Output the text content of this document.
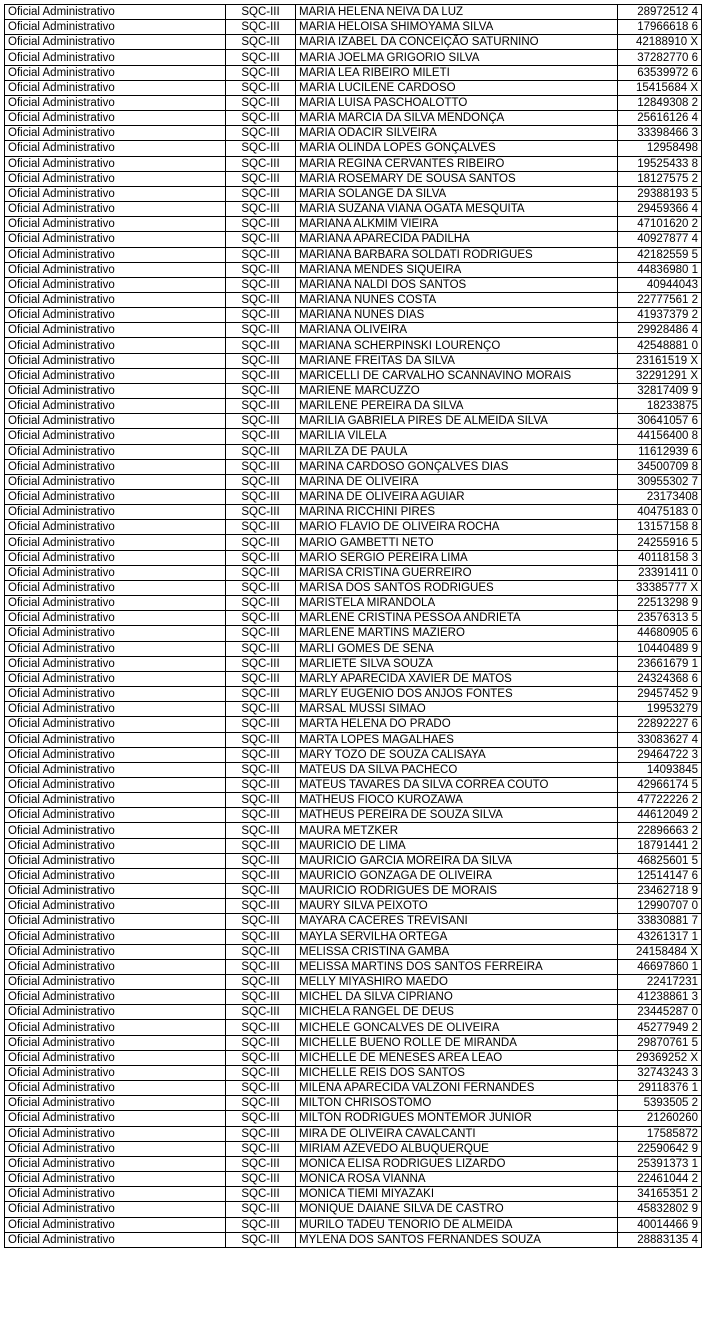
Oficial Administrativo	SQC-III	MARIA HELENA NEIVA DA LUZ	28972512 4
Oficial Administrativo	SQC-III	MARIA HELOISA SHIMOYAMA SILVA	17966618 6
Oficial Administrativo	SQC-III	MARIA IZABEL DA CONCEIÇÃO SATURNINO	42188910 X
Oficial Administrativo	SQC-III	MARIA JOELMA GRIGORIO SILVA	37282770 6
Oficial Administrativo	SQC-III	MARIA LEA RIBEIRO MILETI	63539972 6
Oficial Administrativo	SQC-III	MARIA LUCILENE CARDOSO	15415684 X
Oficial Administrativo	SQC-III	MARIA LUISA PASCHOALOTTO	12849308 2
Oficial Administrativo	SQC-III	MARIA MARCIA DA SILVA MENDONÇA	25616126 4
Oficial Administrativo	SQC-III	MARIA ODACIR SILVEIRA	33398466 3
Oficial Administrativo	SQC-III	MARIA OLINDA LOPES GONÇALVES	12958498
Oficial Administrativo	SQC-III	MARIA REGINA CERVANTES RIBEIRO	19525433 8
Oficial Administrativo	SQC-III	MARIA ROSEMARY DE SOUSA SANTOS	18127575 2
Oficial Administrativo	SQC-III	MARIA SOLANGE DA SILVA	29388193 5
Oficial Administrativo	SQC-III	MARIA SUZANA VIANA OGATA MESQUITA	29459366 4
Oficial Administrativo	SQC-III	MARIANA ALKMIM VIEIRA	47101620 2
Oficial Administrativo	SQC-III	MARIANA APARECIDA PADILHA	40927877 4
Oficial Administrativo	SQC-III	MARIANA BARBARA SOLDATI RODRIGUES	42182559 5
Oficial Administrativo	SQC-III	MARIANA MENDES SIQUEIRA	44836980 1
Oficial Administrativo	SQC-III	MARIANA NALDI DOS SANTOS	40944043
Oficial Administrativo	SQC-III	MARIANA NUNES COSTA	22777561 2
Oficial Administrativo	SQC-III	MARIANA NUNES DIAS	41937379 2
Oficial Administrativo	SQC-III	MARIANA OLIVEIRA	29928486 4
Oficial Administrativo	SQC-III	MARIANA SCHERPINSKI LOURENÇO	42548881 0
Oficial Administrativo	SQC-III	MARIANE FREITAS DA SILVA	23161519 X
Oficial Administrativo	SQC-III	MARICELLI DE CARVALHO SCANNAVINO MORAIS	32291291 X
Oficial Administrativo	SQC-III	MARIENE MARCUZZO	32817409 9
Oficial Administrativo	SQC-III	MARILENE PEREIRA DA SILVA	18233875
Oficial Administrativo	SQC-III	MARILIA GABRIELA PIRES DE ALMEIDA SILVA	30641057 6
Oficial Administrativo	SQC-III	MARILIA VILELA	44156400 8
Oficial Administrativo	SQC-III	MARILZA DE PAULA	11612939 6
Oficial Administrativo	SQC-III	MARINA CARDOSO GONÇALVES DIAS	34500709 8
Oficial Administrativo	SQC-III	MARINA DE OLIVEIRA	30955302 7
Oficial Administrativo	SQC-III	MARINA DE OLIVEIRA AGUIAR	23173408
Oficial Administrativo	SQC-III	MARINA RICCHINI PIRES	40475183 0
Oficial Administrativo	SQC-III	MARIO FLAVIO DE OLIVEIRA ROCHA	13157158 8
Oficial Administrativo	SQC-III	MARIO GAMBETTI NETO	24255916 5
Oficial Administrativo	SQC-III	MARIO SERGIO PEREIRA LIMA	40118158 3
Oficial Administrativo	SQC-III	MARISA CRISTINA GUERREIRO	23391411 0
Oficial Administrativo	SQC-III	MARISA DOS SANTOS RODRIGUES	33385777 X
Oficial Administrativo	SQC-III	MARISTELA MIRANDOLA	22513298 9
Oficial Administrativo	SQC-III	MARLENE CRISTINA PESSOA ANDRIETA	23576313 5
Oficial Administrativo	SQC-III	MARLENE MARTINS MAZIERO	44680905 6
Oficial Administrativo	SQC-III	MARLI GOMES DE SENA	10440489 9
Oficial Administrativo	SQC-III	MARLIETE SILVA SOUZA	23661679 1
Oficial Administrativo	SQC-III	MARLY APARECIDA XAVIER DE MATOS	24324368 6
Oficial Administrativo	SQC-III	MARLY EUGENIO DOS ANJOS FONTES	29457452 9
Oficial Administrativo	SQC-III	MARSAL MUSSI SIMAO	19953279
Oficial Administrativo	SQC-III	MARTA HELENA DO PRADO	22892227 6
Oficial Administrativo	SQC-III	MARTA LOPES MAGALHAES	33083627 4
Oficial Administrativo	SQC-III	MARY TOZO DE SOUZA CALISAYA	29464722 3
Oficial Administrativo	SQC-III	MATEUS DA SILVA PACHECO	14093845
Oficial Administrativo	SQC-III	MATEUS TAVARES DA SILVA CORREA COUTO	42966174 5
Oficial Administrativo	SQC-III	MATHEUS FIOCO KUROZAWA	47722226 2
Oficial Administrativo	SQC-III	MATHEUS PEREIRA DE SOUZA SILVA	44612049 2
Oficial Administrativo	SQC-III	MAURA METZKER	22896663 2
Oficial Administrativo	SQC-III	MAURICIO DE LIMA	18791441 2
Oficial Administrativo	SQC-III	MAURICIO GARCIA MOREIRA DA SILVA	46825601 5
Oficial Administrativo	SQC-III	MAURICIO GONZAGA DE OLIVEIRA	12514147 6
Oficial Administrativo	SQC-III	MAURICIO RODRIGUES DE MORAIS	23462718 9
Oficial Administrativo	SQC-III	MAURY SILVA PEIXOTO	12990707 0
Oficial Administrativo	SQC-III	MAYARA CACERES TREVISANI	33830881 7
Oficial Administrativo	SQC-III	MAYLA SERVILHA ORTEGA	43261317 1
Oficial Administrativo	SQC-III	MELISSA CRISTINA GAMBA	24158484 X
Oficial Administrativo	SQC-III	MELISSA MARTINS DOS SANTOS FERREIRA	46697860 1
Oficial Administrativo	SQC-III	MELLY MIYASHIRO MAEDO	22417231
Oficial Administrativo	SQC-III	MICHEL DA SILVA CIPRIANO	41238861 3
Oficial Administrativo	SQC-III	MICHELA RANGEL DE DEUS	23445287 0
Oficial Administrativo	SQC-III	MICHELE GONCALVES DE OLIVEIRA	45277949 2
Oficial Administrativo	SQC-III	MICHELLE BUENO ROLLE DE MIRANDA	29870761 5
Oficial Administrativo	SQC-III	MICHELLE DE MENESES AREA LEAO	29369252 X
Oficial Administrativo	SQC-III	MICHELLE REIS DOS SANTOS	32743243 3
Oficial Administrativo	SQC-III	MILENA APARECIDA VALZONI FERNANDES	29118376 1
Oficial Administrativo	SQC-III	MILTON CHRISOSTOMO	5393505 2
Oficial Administrativo	SQC-III	MILTON RODRIGUES MONTEMOR JUNIOR	21260260
Oficial Administrativo	SQC-III	MIRA DE OLIVEIRA CAVALCANTI	17585872
Oficial Administrativo	SQC-III	MIRIAM AZEVEDO ALBUQUERQUE	22590642 9
Oficial Administrativo	SQC-III	MONICA ELISA RODRIGUES LIZARDO	25391373 1
Oficial Administrativo	SQC-III	MONICA ROSA VIANNA	22461044 2
Oficial Administrativo	SQC-III	MONICA TIEMI MIYAZAKI	34165351 2
Oficial Administrativo	SQC-III	MONIQUE DAIANE SILVA DE CASTRO	45832802 9
Oficial Administrativo	SQC-III	MURILO TADEU TENORIO DE ALMEIDA	40014466 9
Oficial Administrativo	SQC-III	MYLENA DOS SANTOS FERNANDES SOUZA	28883135 4
